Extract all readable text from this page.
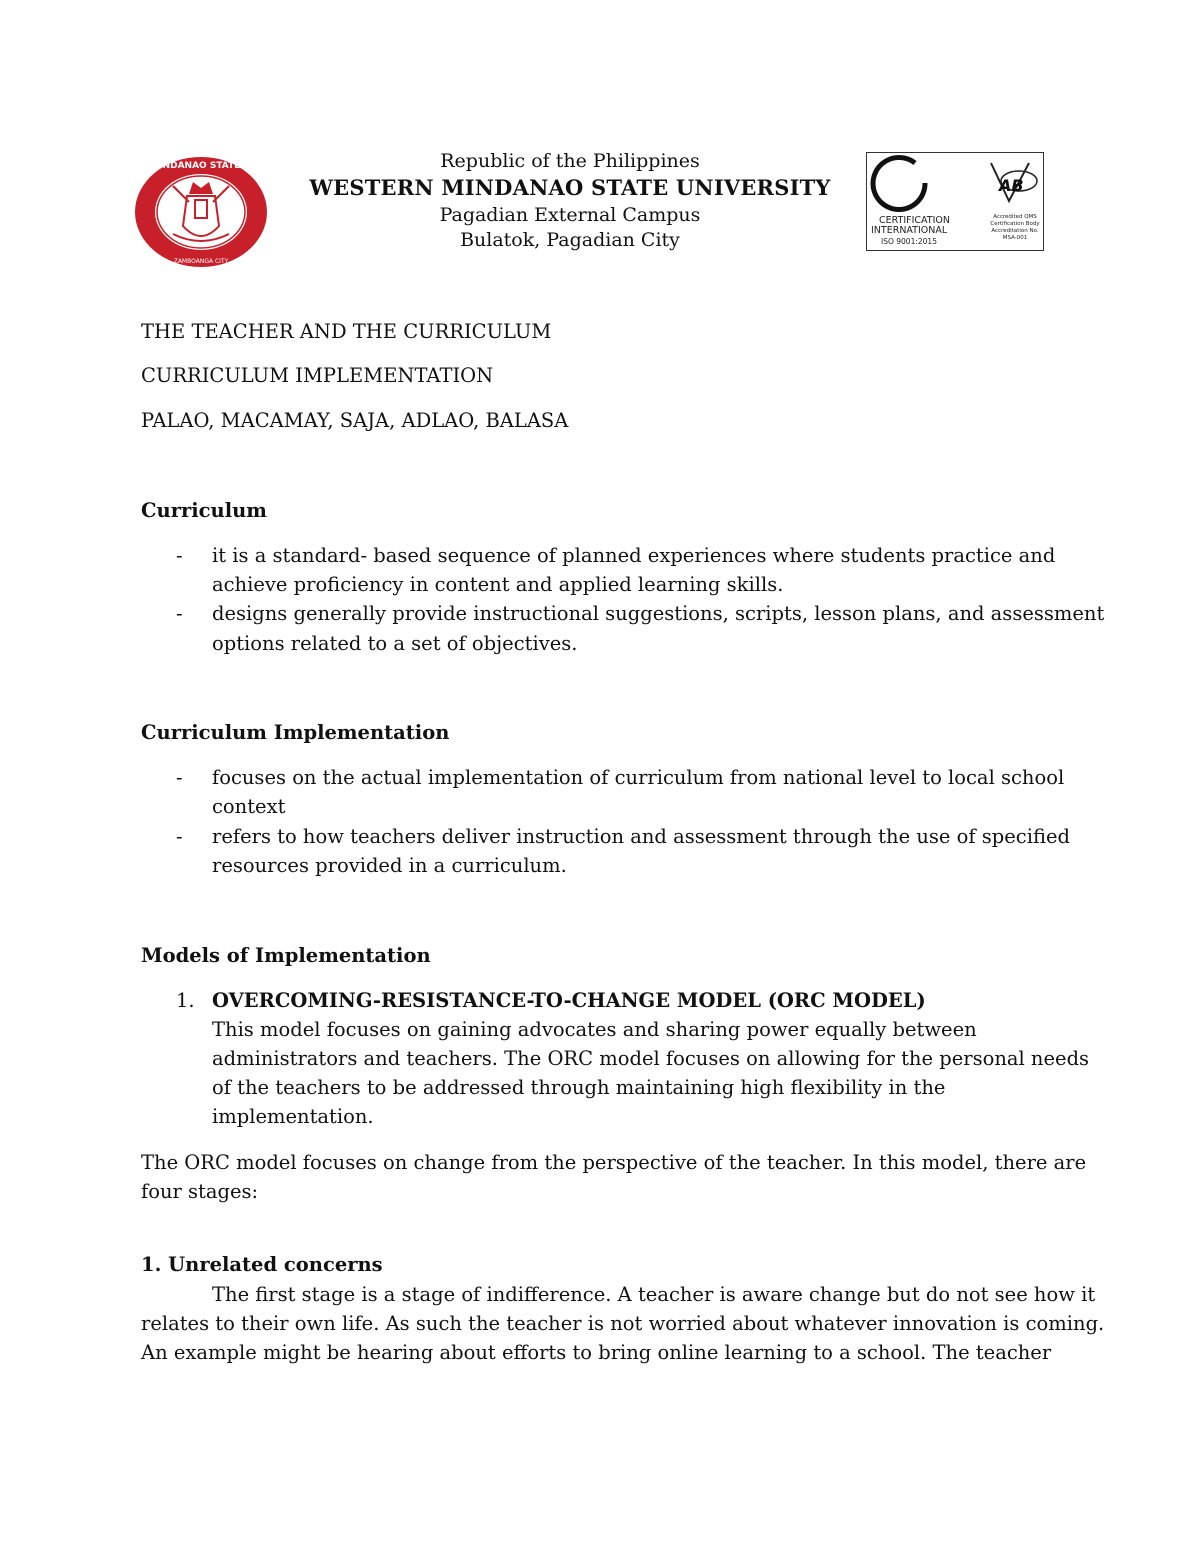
WESTERN MINDANAO STATE UNIVERSITY
1904
ZAMBOANGA CITY
Republic of the Philippines
WESTERN MINDANAO STATE UNIVERSITY
Pagadian External Campus
Bulatok, Pagadian City
AB
CERTIFICATION
INTERNATIONAL
ISO 9001:2015
Accredited QMS Certification Body Accreditation No. MSA-001
THE TEACHER AND THE CURRICULUM
CURRICULUM IMPLEMENTATION
PALAO, MACAMAY, SAJA, ADLAO, BALASA
Curriculum
- it is a standard- based sequence of planned experiences where students practice and
achieve proficiency in content and applied learning skills.
- designs generally provide instructional suggestions, scripts, lesson plans, and assessment
options related to a set of objectives.
Curriculum Implementation
- focuses on the actual implementation of curriculum from national level to local school
context
- refers to how teachers deliver instruction and assessment through the use of specified
resources provided in a curriculum.
Models of Implementation
1. OVERCOMING-RESISTANCE-TO-CHANGE MODEL (ORC MODEL)
This model focuses on gaining advocates and sharing power equally between
administrators and teachers. The ORC model focuses on allowing for the personal needs
of the teachers to be addressed through maintaining high flexibility in the
implementation.
The ORC model focuses on change from the perspective of the teacher. In this model, there are
four stages:
1. Unrelated concerns
The first stage is a stage of indifference. A teacher is aware change but do not see how it
relates to their own life. As such the teacher is not worried about whatever innovation is coming.
An example might be hearing about efforts to bring online learning to a school. The teacher
